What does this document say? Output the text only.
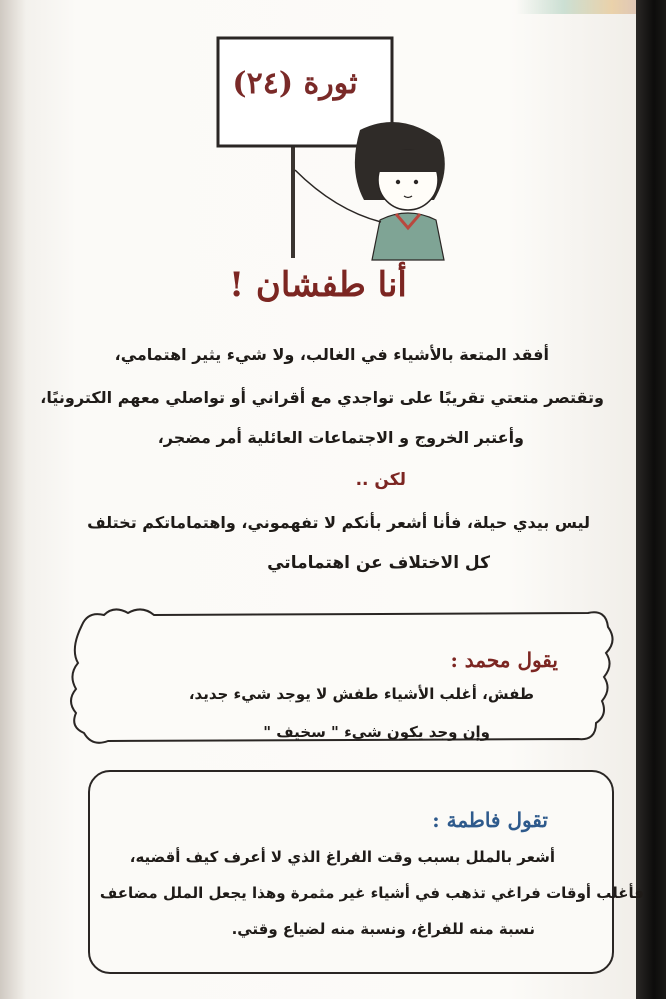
ثورة (٢٤)
أنا طفشان !
أفقد المتعة بالأشياء في الغالب، ولا شيء يثير اهتمامي،
وتقتصر متعتي تقريبًا على تواجدي مع أقراني أو تواصلي معهم الكترونيًا،
وأعتبر الخروج و الاجتماعات العائلية أمر مضجر،
لكن ..
ليس بيدي حيلة، فأنا أشعر بأنكم لا تفهموني، واهتماماتكم تختلف
كل الاختلاف عن اهتماماتي
يقول محمد :
طفش، أغلب الأشياء طفش لا يوجد شيء جديد،
وإن وجد يكون شيء " سخيف "
تقول فاطمة :
أشعر بالملل بسبب وقت الفراغ الذي لا أعرف كيف أقضيه،
فأغلب أوقات فراغي تذهب في أشياء غير مثمرة وهذا يجعل الملل مضاعف
نسبة منه للفراغ، ونسبة منه لضياع وقتي.
